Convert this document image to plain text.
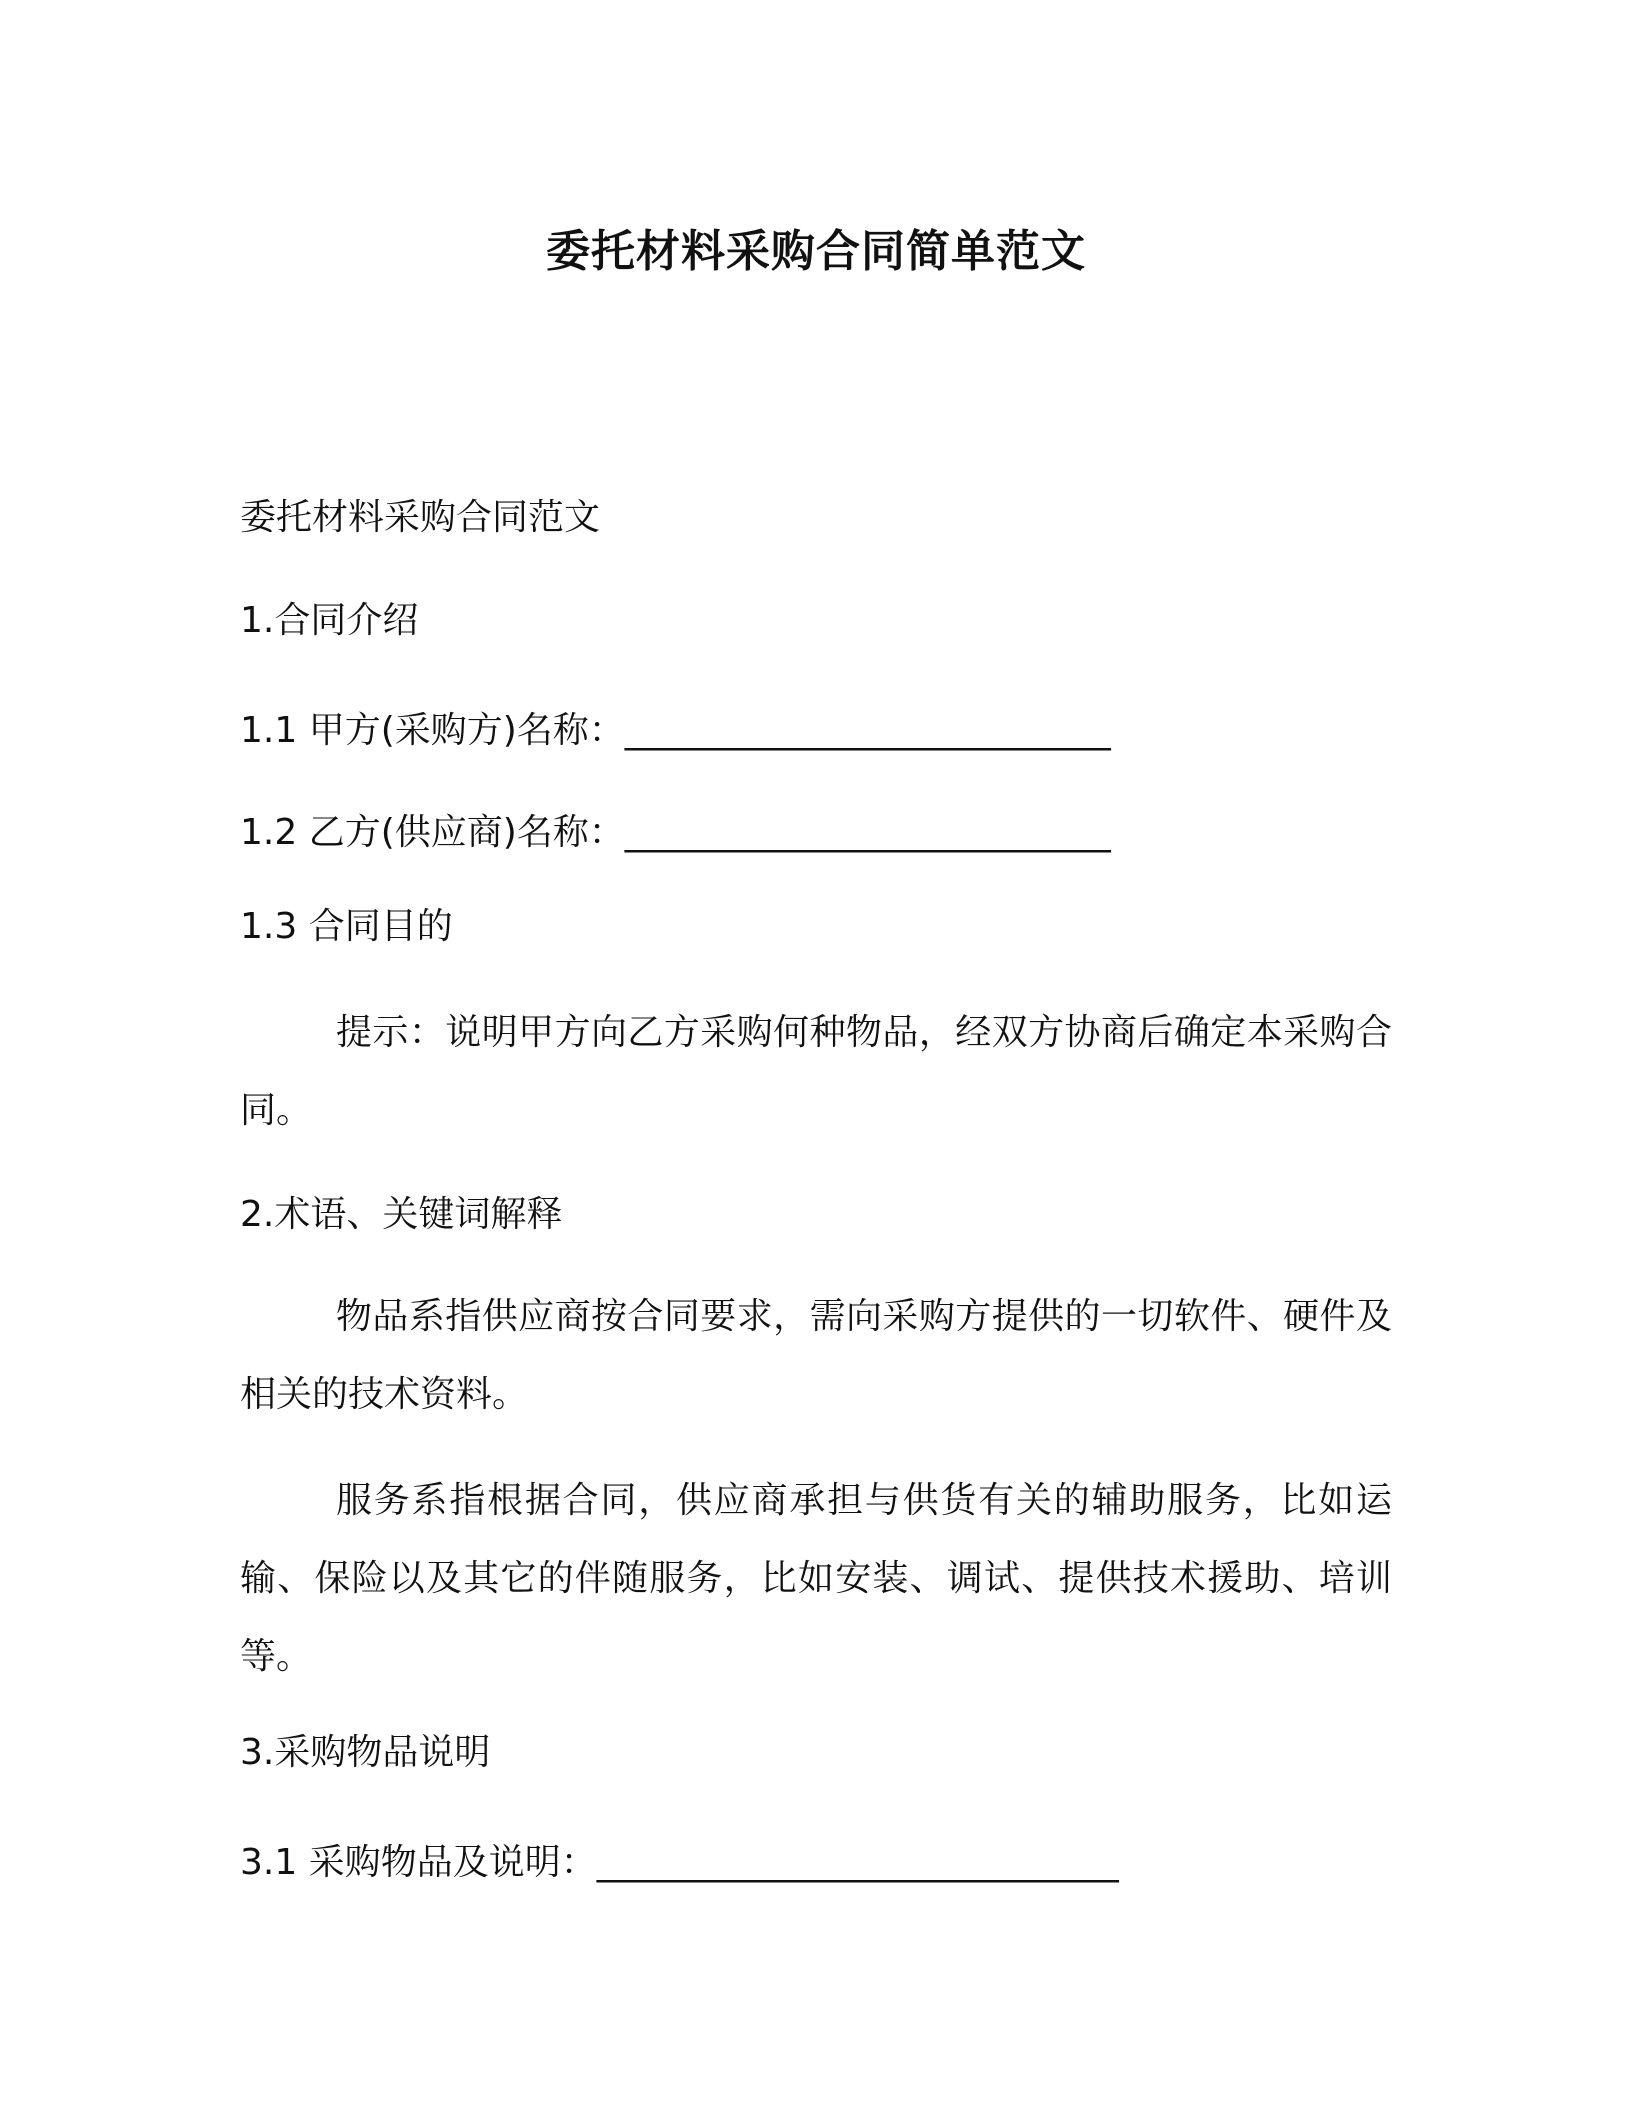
委托材料采购合同简单范文
委托材料采购合同范文
1.合同介绍
1.1 甲方(采购方)名称：___________________________
1.2 乙方(供应商)名称：___________________________
1.3 合同目的
提示：说明甲方向乙方采购何种物品，经双方协商后确定本采购合同。
2.术语、关键词解释
物品系指供应商按合同要求，需向采购方提供的一切软件、硬件及相关的技术资料。
服务系指根据合同，供应商承担与供货有关的辅助服务，比如运输、保险以及其它的伴随服务，比如安装、调试、提供技术援助、培训等。
3.采购物品说明
3.1 采购物品及说明：_____________________________
